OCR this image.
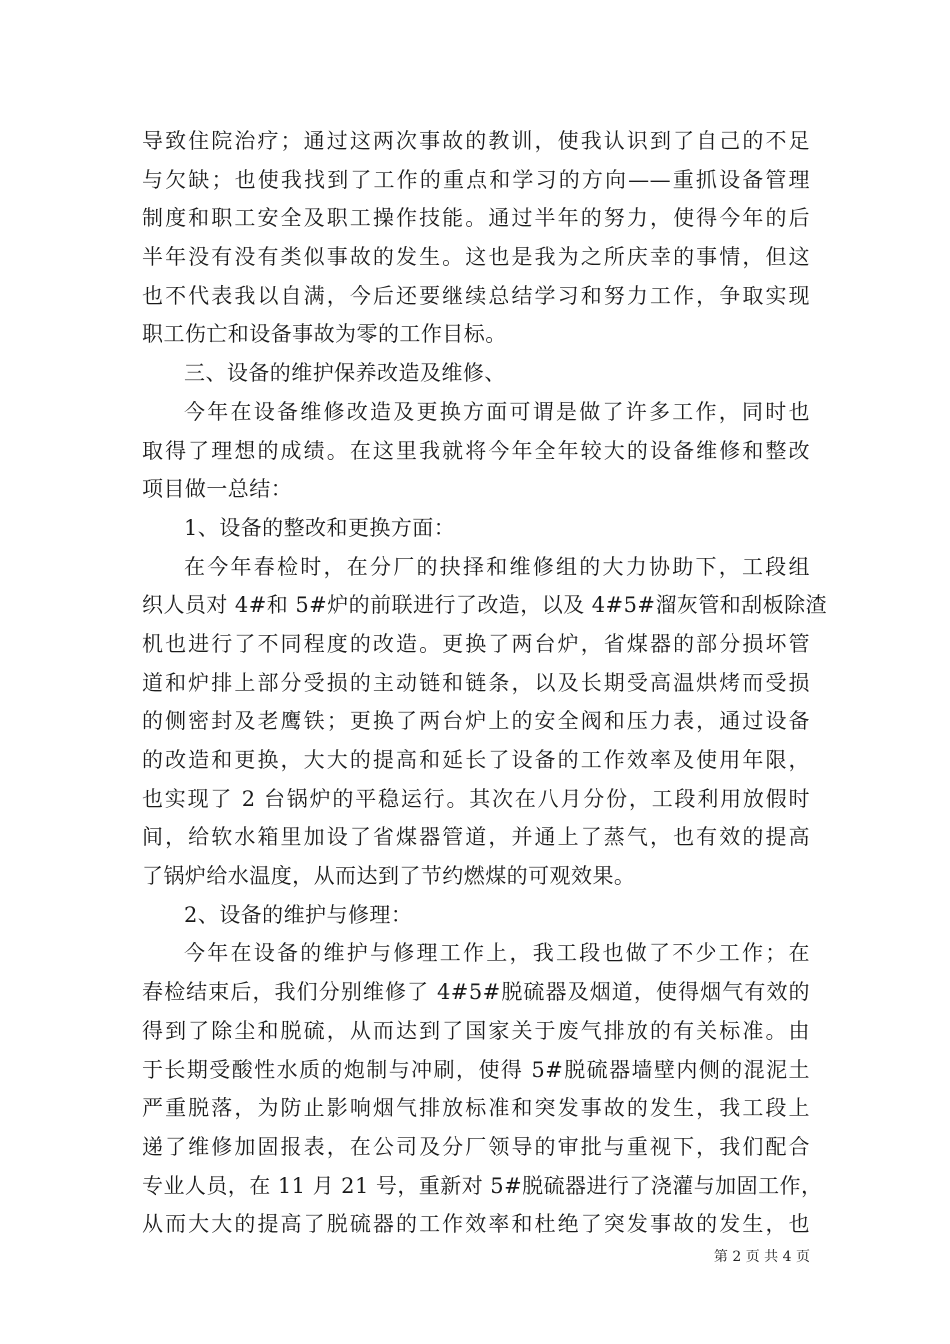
导致住院治疗；通过这两次事故的教训，使我认识到了自己的不足
与欠缺；也使我找到了工作的重点和学习的方向——重抓设备管理
制度和职工安全及职工操作技能。通过半年的努力，使得今年的后
半年没有没有类似事故的发生。这也是我为之所庆幸的事情，但这
也不代表我以自满，今后还要继续总结学习和努力工作，争取实现
职工伤亡和设备事故为零的工作目标。
三、设备的维护保养改造及维修、
今年在设备维修改造及更换方面可谓是做了许多工作，同时也
取得了理想的成绩。在这里我就将今年全年较大的设备维修和整改
项目做一总结：
1、设备的整改和更换方面：
在今年春检时，在分厂的抉择和维修组的大力协助下，工段组
织人员对 4#和 5#炉的前联进行了改造，以及 4#5#溜灰管和刮板除渣
机也进行了不同程度的改造。更换了两台炉，省煤器的部分损坏管
道和炉排上部分受损的主动链和链条，以及长期受高温烘烤而受损
的侧密封及老鹰铁；更换了两台炉上的安全阀和压力表，通过设备
的改造和更换，大大的提高和延长了设备的工作效率及使用年限，
也实现了 2 台锅炉的平稳运行。其次在八月分份，工段利用放假时
间，给软水箱里加设了省煤器管道，并通上了蒸气，也有效的提高
了锅炉给水温度，从而达到了节约燃煤的可观效果。
2、设备的维护与修理：
今年在设备的维护与修理工作上，我工段也做了不少工作；在
春检结束后，我们分别维修了 4#5#脱硫器及烟道，使得烟气有效的
得到了除尘和脱硫，从而达到了国家关于废气排放的有关标准。由
于长期受酸性水质的炮制与冲刷，使得 5#脱硫器墙壁内侧的混泥土
严重脱落，为防止影响烟气排放标准和突发事故的发生，我工段上
递了维修加固报表，在公司及分厂领导的审批与重视下，我们配合
专业人员，在 11 月 21 号，重新对 5#脱硫器进行了浇灌与加固工作，
从而大大的提高了脱硫器的工作效率和杜绝了突发事故的发生，也
第 2 页 共 4 页
